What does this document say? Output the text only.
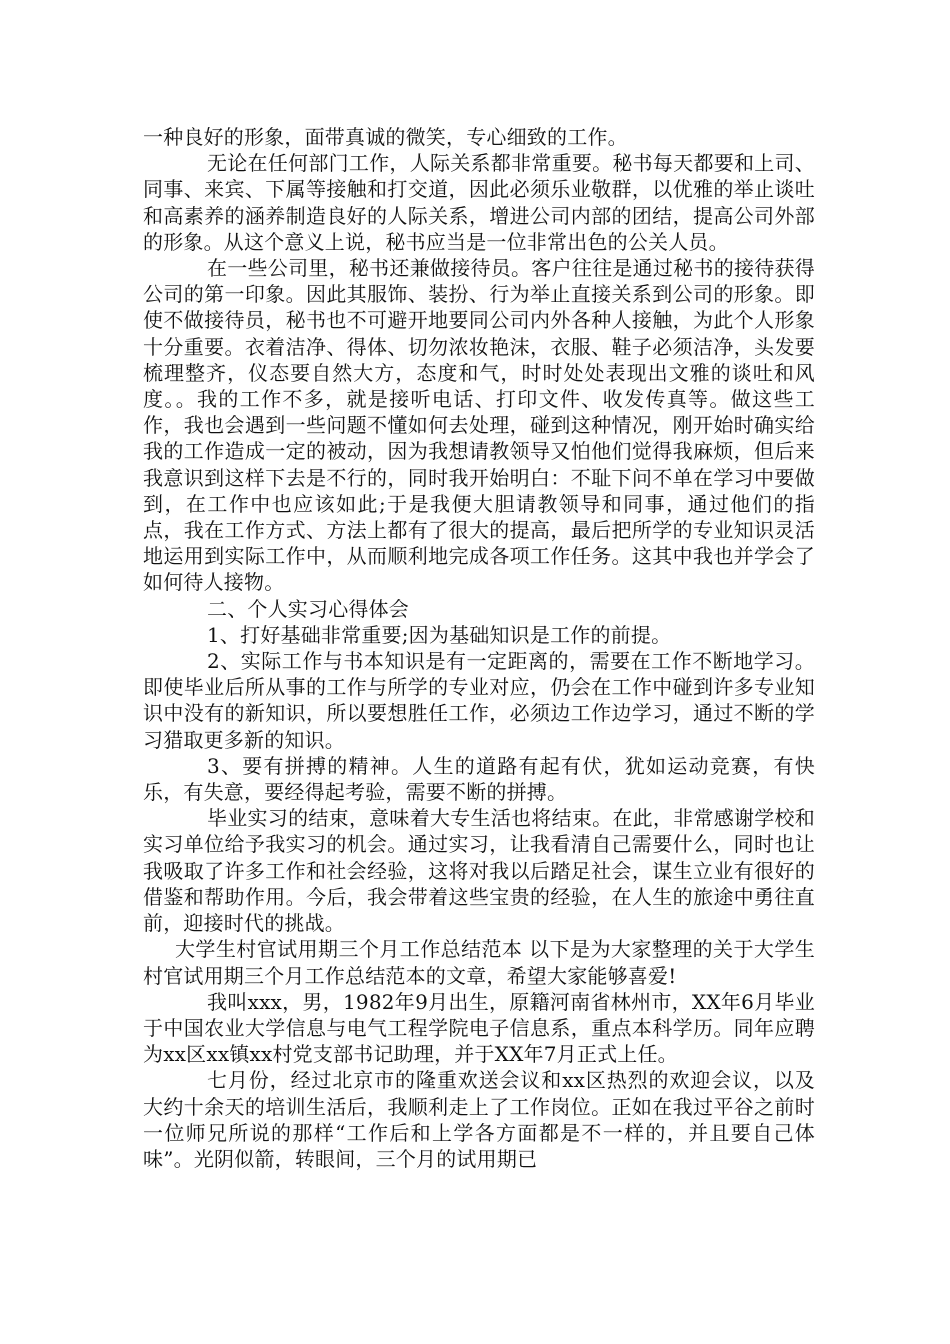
一种良好的形象，面带真诚的微笑，专心细致的工作。

无论在任何部门工作，人际关系都非常重要。秘书每天都要和上司、同事、来宾、下属等接触和打交道，因此必须乐业敬群，以优雅的举止谈吐和高素养的涵养制造良好的人际关系，增进公司内部的团结，提高公司外部的形象。从这个意义上说，秘书应当是一位非常出色的公关人员。

在一些公司里，秘书还兼做接待员。客户往往是通过秘书的接待获得公司的第一印象。因此其服饰、装扮、行为举止直接关系到公司的形象。即使不做接待员，秘书也不可避开地要同公司内外各种人接触，为此个人形象十分重要。衣着洁净、得体、切勿浓妆艳沫，衣服、鞋子必须洁净，头发要梳理整齐，仪态要自然大方，态度和气，时时处处表现出文雅的谈吐和风度。。我的工作不多，就是接听电话、打印文件、收发传真等。做这些工作，我也会遇到一些问题不懂如何去处理，碰到这种情况，刚开始时确实给我的工作造成一定的被动，因为我想请教领导又怕他们觉得我麻烦，但后来我意识到这样下去是不行的，同时我开始明白：不耻下问不单在学习中要做到，在工作中也应该如此;于是我便大胆请教领导和同事，通过他们的指点，我在工作方式、方法上都有了很大的提高，最后把所学的专业知识灵活地运用到实际工作中，从而顺利地完成各项工作任务。这其中我也并学会了如何待人接物。

二、个人实习心得体会

1、打好基础非常重要;因为基础知识是工作的前提。

2、实际工作与书本知识是有一定距离的，需要在工作不断地学习。即使毕业后所从事的工作与所学的专业对应，仍会在工作中碰到许多专业知识中没有的新知识，所以要想胜任工作，必须边工作边学习，通过不断的学习猎取更多新的知识。

3、要有拼搏的精神。人生的道路有起有伏，犹如运动竞赛，有快乐，有失意，要经得起考验，需要不断的拼搏。

毕业实习的结束，意味着大专生活也将结束。在此，非常感谢学校和实习单位给予我实习的机会。通过实习，让我看清自己需要什么，同时也让我吸取了许多工作和社会经验，这将对我以后踏足社会，谋生立业有很好的借鉴和帮助作用。今后，我会带着这些宝贵的经验，在人生的旅途中勇往直前，迎接时代的挑战。

大学生村官试用期三个月工作总结范本 以下是为大家整理的关于大学生村官试用期三个月工作总结范本的文章，希望大家能够喜爱!

我叫xxx，男，1982年9月出生，原籍河南省林州市，XX年6月毕业于中国农业大学信息与电气工程学院电子信息系，重点本科学历。同年应聘为xx区xx镇xx村党支部书记助理，并于XX年7月正式上任。

七月份，经过北京市的隆重欢送会议和xx区热烈的欢迎会议，以及大约十余天的培训生活后，我顺利走上了工作岗位。正如在我过平谷之前时一位师兄所说的那样“工作后和上学各方面都是不一样的，并且要自己体味”。光阴似箭，转眼间，三个月的试用期已
